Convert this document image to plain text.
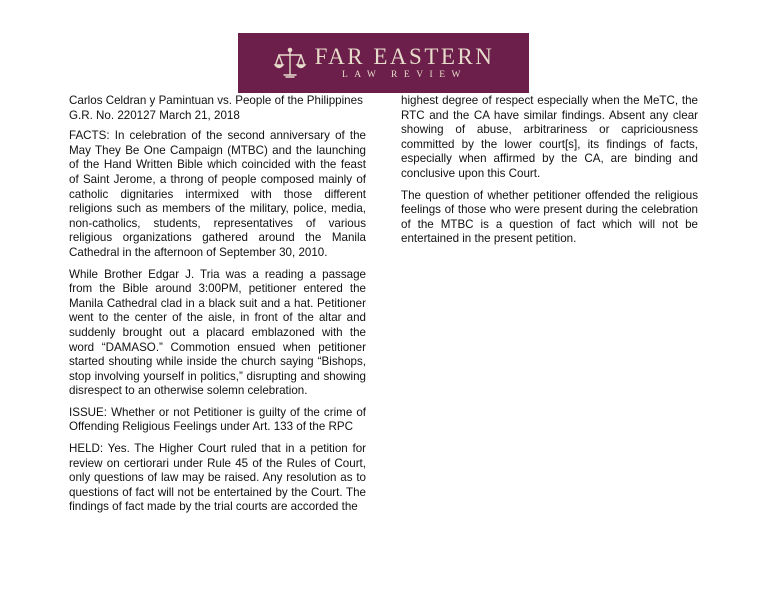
FAR EASTERN
LAW REVIEW
Carlos Celdran y Pamintuan vs. People of the Philippines
G.R. No. 220127 March 21, 2018

FACTS: In celebration of the second anniversary of the May They Be One Campaign (MTBC) and the launching of the Hand Written Bible which coincided with the feast of Saint Jerome, a throng of people composed mainly of catholic dignitaries intermixed with those different religions such as members of the military, police, media, non-catholics, students, representatives of various religious organizations gathered around the Manila Cathedral in the afternoon of September 30, 2010.

While Brother Edgar J. Tria was a reading a passage from the Bible around 3:00PM, petitioner entered the Manila Cathedral clad in a black suit and a hat. Petitioner went to the center of the aisle, in front of the altar and suddenly brought out a placard emblazoned with the word “DAMASO.” Commotion ensued when petitioner started shouting while inside the church saying “Bishops, stop involving yourself in politics,” disrupting and showing disrespect to an otherwise solemn celebration.

ISSUE: Whether or not Petitioner is guilty of the crime of Offending Religious Feelings under Art. 133 of the RPC

HELD: Yes. The Higher Court ruled that in a petition for review on certiorari under Rule 45 of the Rules of Court, only questions of law may be raised. Any resolution as to questions of fact will not be entertained by the Court. The findings of fact made by the trial courts are accorded the

highest degree of respect especially when the MeTC, the RTC and the CA have similar findings. Absent any clear showing of abuse, arbitrariness or capriciousness committed by the lower court[s], its findings of facts, especially when affirmed by the CA, are binding and conclusive upon this Court.

The question of whether petitioner offended the religious feelings of those who were present during the celebration of the MTBC is a question of fact which will not be entertained in the present petition.
